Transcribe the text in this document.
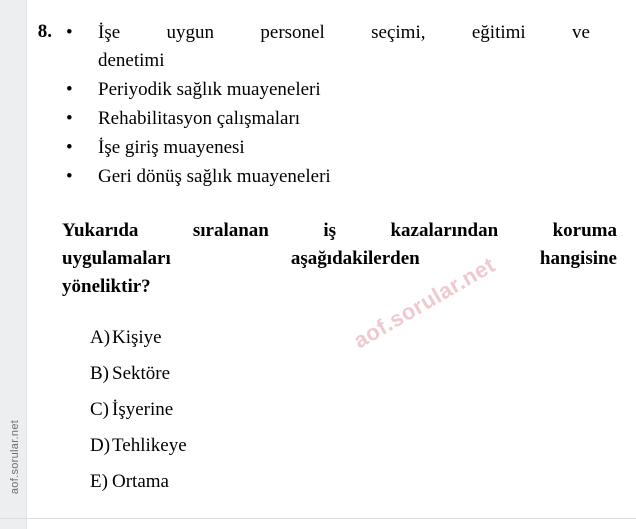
aof.sorular.net
8. •	İşe uygun personel seçimi, eğitimi ve
denetimi
•	Periyodik sağlık muayeneleri
•	Rehabilitasyon çalışmaları
•	İşe giriş muayenesi
•	Geri dönüş sağlık muayeneleri
Yukarıda sıralanan iş kazalarından koruma
uygulamaları aşağıdakilerden hangisine
yöneliktir?
A) Kişiye
B) Sektöre
C) İşyerine
D) Tehlikeye
E) Ortama
aof.sorular.net
